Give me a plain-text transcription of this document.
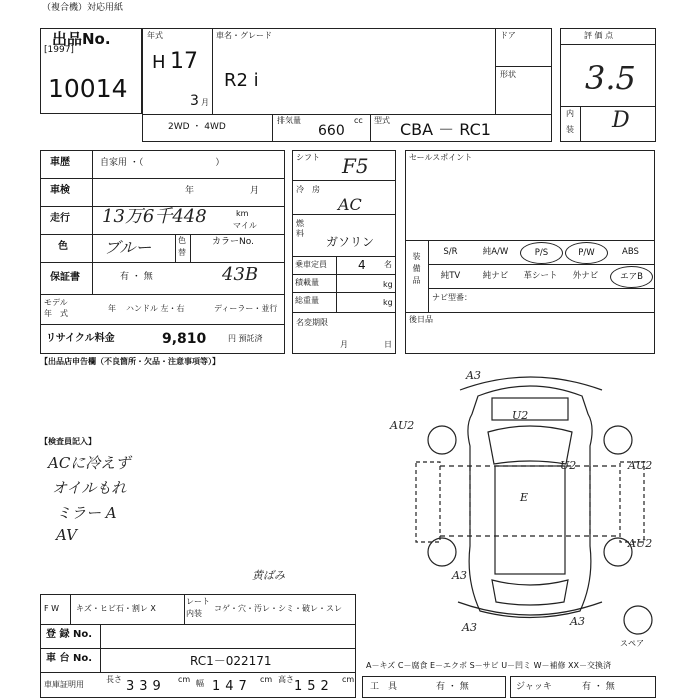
（複合機）対応用紙
出品No.
[1997]
10014
年式
H 17
3 月
車名・グレード
R2 i
ドア
形状
2WD ・ 4WD
排気量	cc
660
型式 CBA － RC1
評 価 点
3.5
内
装 D
車歴	自家用 ・（　　　　　　　　）
車検	年	月
走行 13万6千448	km
マイル
色 ブルー	色
替
カラーNo.
保証書	有 ・ 無	43B
モデル
年　式
年 ハンドル 左・右	ディーラー・並行
リサイクル料金	9,810	円 預託済
シフト F5
冷 房
AC
燃
料
ガソリン
乗車定員	4 名
積載量	kg
総重量	kg
名変期限
月	日
セールスポイント
装備品	S/R	純A/W	P/S	P/W	ABS
純TV	純ナビ	革シート	外ナビ	エアB
ナビ型番：
後日品
【出品店申告欄（不良箇所・欠品・注意事項等）】
【検査員記入】
ACに冷えず
オイルもれ
ミラー A
AV
A3
U2
AU2
AU2
U2
E
AU2
A3
A3	A3
スペア
F W キズ・ヒビ石・割レ X
レート
内装
コゲ・穴・汚レ・シミ・破レ・スレ
黄ばみ
登 録 No.
車 台 No.	RC1－022171
車庫証明用
長さ 339 cm 幅 147 cm 高さ 152 cm
A－キズ C－腐食 E－エクボ S－サビ U－凹ミ W－補修 XX－交換済
工　具	有 ・ 無	ジャッキ	有 ・ 無
